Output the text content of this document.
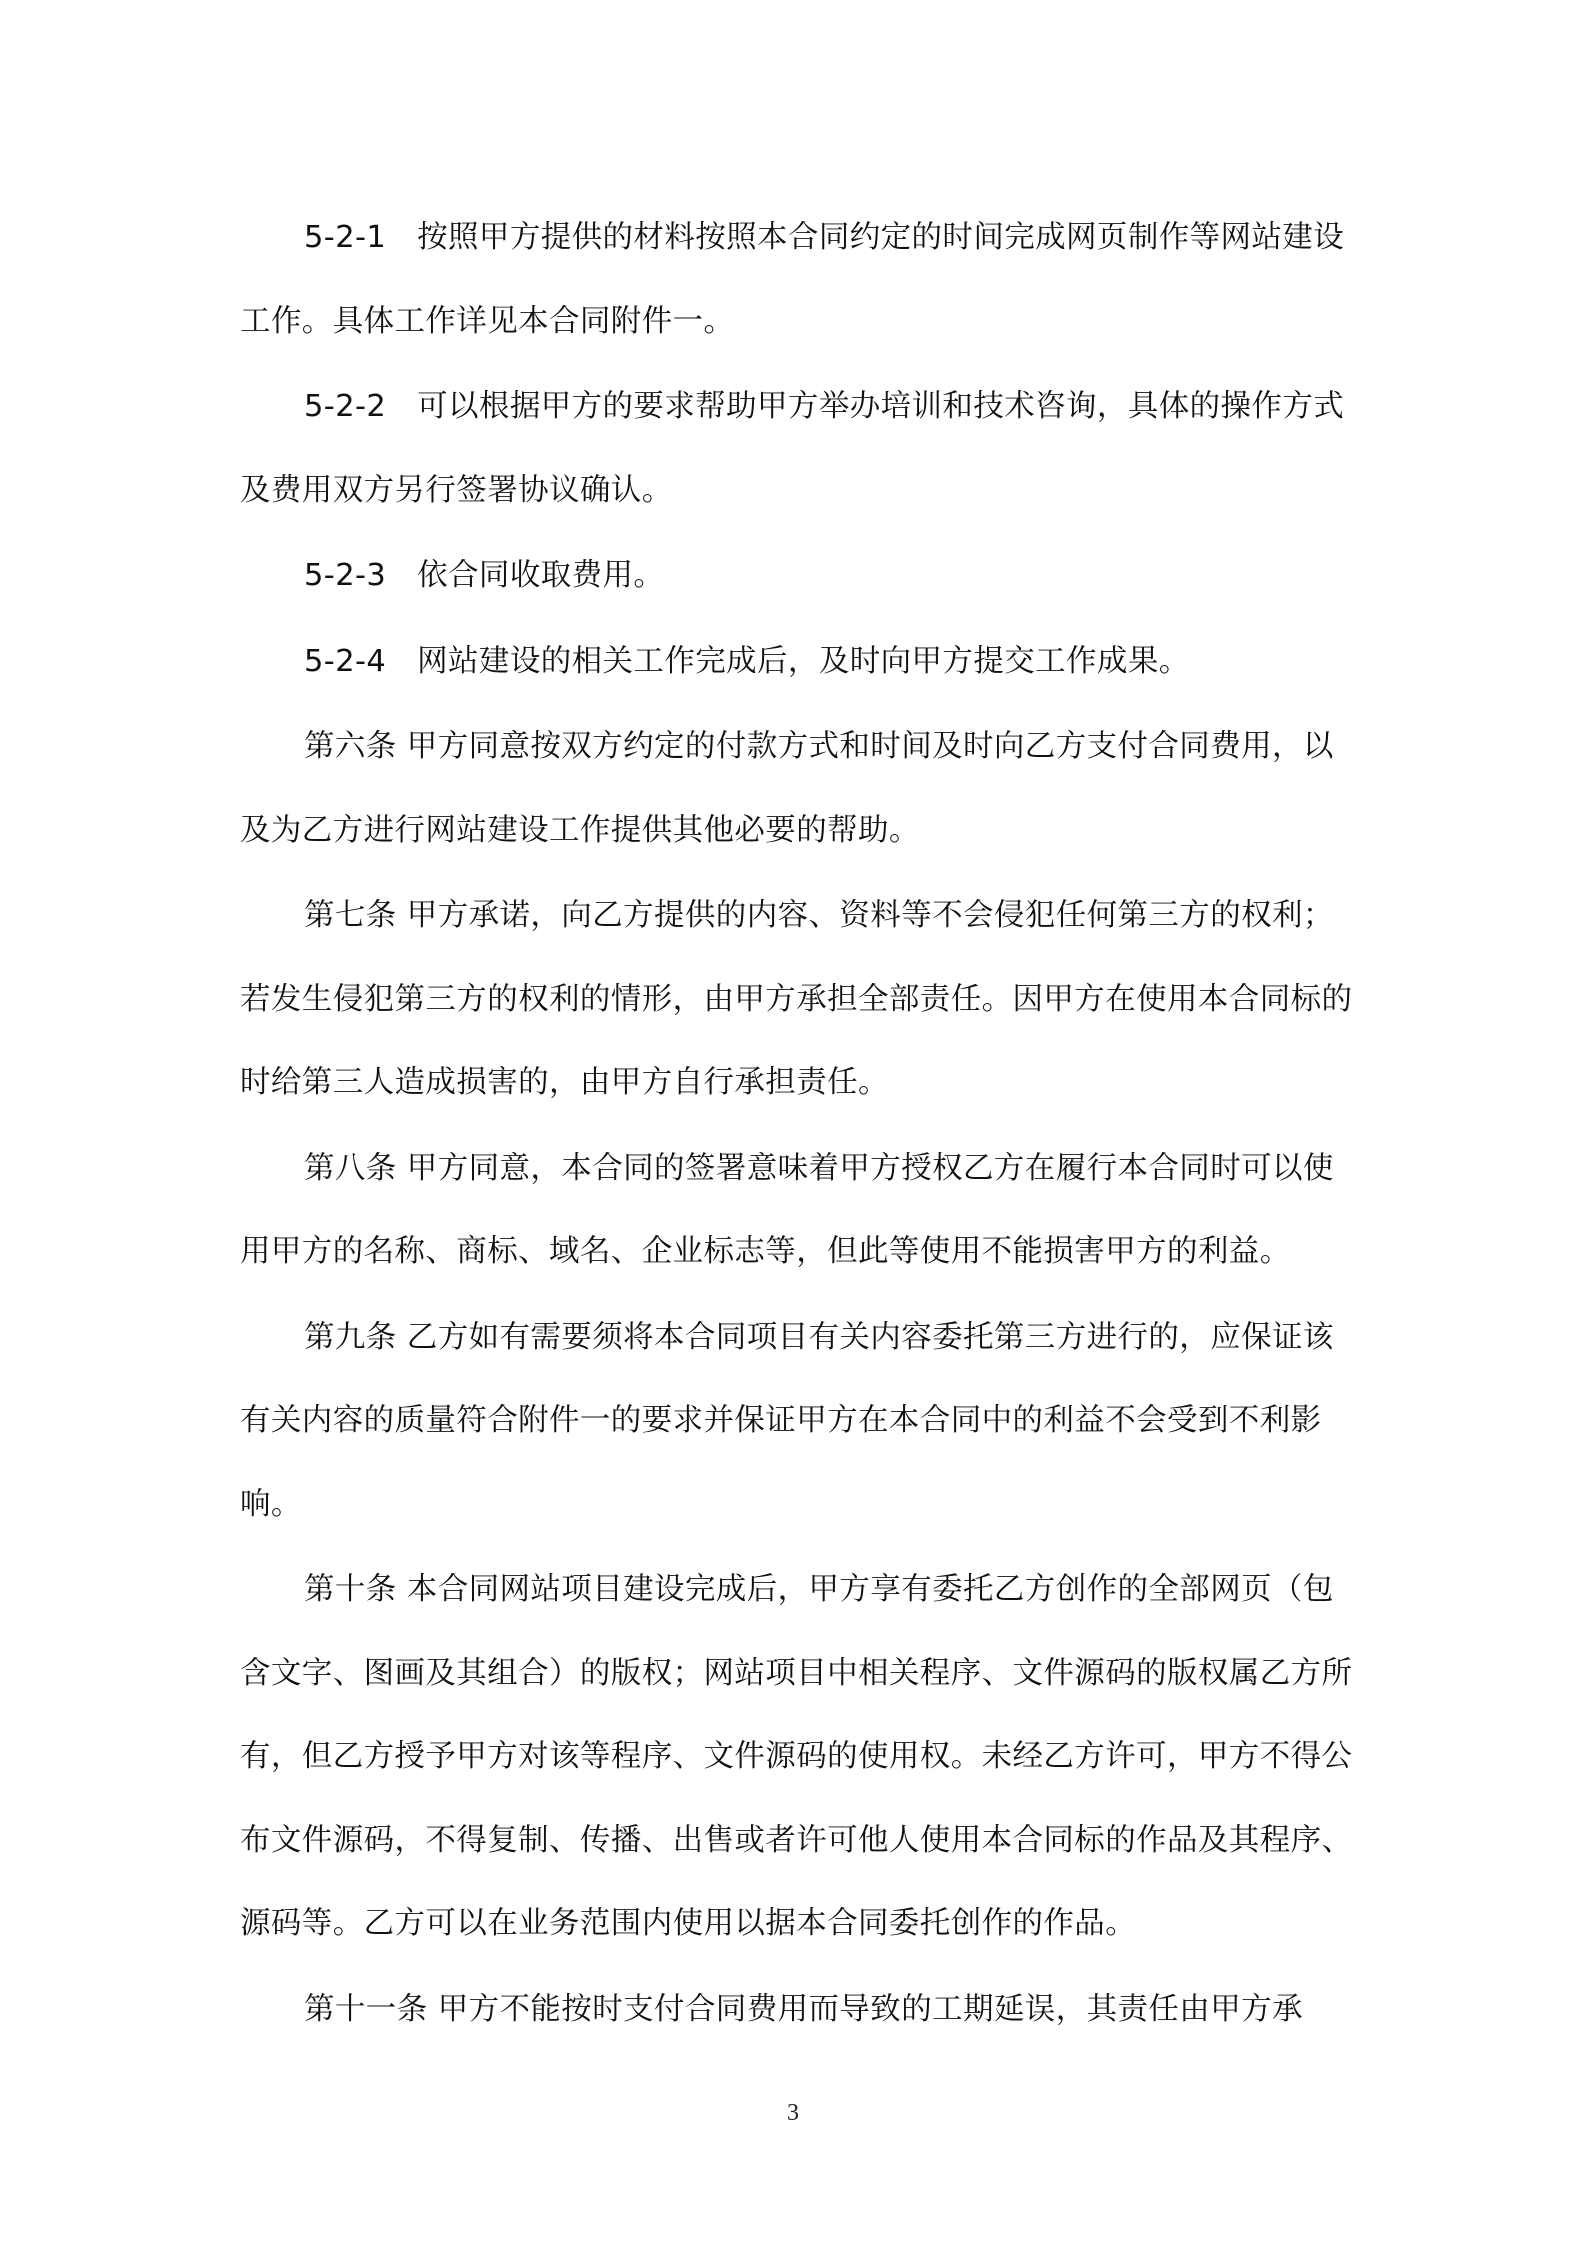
5-2-1　按照甲方提供的材料按照本合同约定的时间完成网页制作等网站建设工作。具体工作详见本合同附件一。

5-2-2　可以根据甲方的要求帮助甲方举办培训和技术咨询，具体的操作方式及费用双方另行签署协议确认。

5-2-3　依合同收取费用。

5-2-4　网站建设的相关工作完成后，及时向甲方提交工作成果。

第六条 甲方同意按双方约定的付款方式和时间及时向乙方支付合同费用，以及为乙方进行网站建设工作提供其他必要的帮助。

第七条 甲方承诺，向乙方提供的内容、资料等不会侵犯任何第三方的权利；若发生侵犯第三方的权利的情形，由甲方承担全部责任。因甲方在使用本合同标的时给第三人造成损害的，由甲方自行承担责任。

第八条 甲方同意，本合同的签署意味着甲方授权乙方在履行本合同时可以使用甲方的名称、商标、域名、企业标志等，但此等使用不能损害甲方的利益。

第九条 乙方如有需要须将本合同项目有关内容委托第三方进行的，应保证该有关内容的质量符合附件一的要求并保证甲方在本合同中的利益不会受到不利影响。

第十条 本合同网站项目建设完成后，甲方享有委托乙方创作的全部网页（包含文字、图画及其组合）的版权；网站项目中相关程序、文件源码的版权属乙方所有，但乙方授予甲方对该等程序、文件源码的使用权。未经乙方许可，甲方不得公布文件源码，不得复制、传播、出售或者许可他人使用本合同标的作品及其程序、源码等。乙方可以在业务范围内使用以据本合同委托创作的作品。

第十一条 甲方不能按时支付合同费用而导致的工期延误，其责任由甲方承

3
